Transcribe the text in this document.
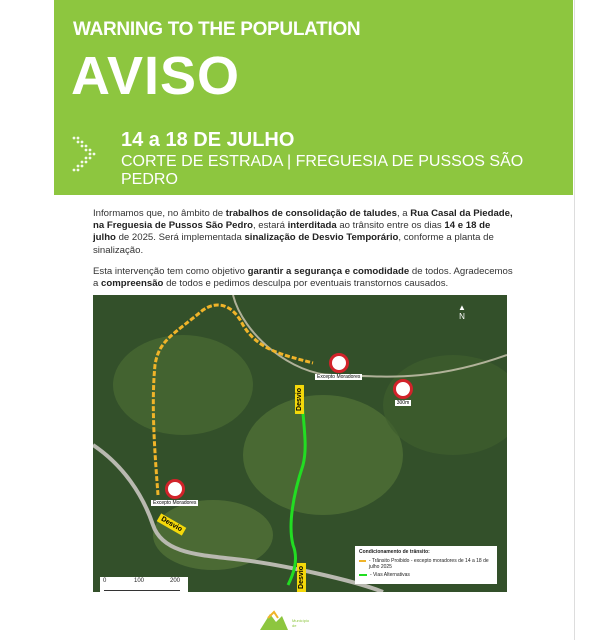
WARNING TO THE POPULATION
AVISO
14 a 18 DE JULHO
CORTE DE ESTRADA | FREGUESIA DE PUSSOS SÃO PEDRO

Informamos que, no âmbito de trabalhos de consolidação de taludes, a Rua Casal da Piedade, na Freguesia de Pussos São Pedro, estará interditada ao trânsito entre os dias 14 e 18 de julho de 2025. Será implementada sinalização de Desvio Temporário, conforme a planta de sinalização.

Esta intervenção tem como objetivo garantir a segurança e comodidade de todos. Agradecemos a compreensão de todos e pedimos desculpa por eventuais transtornos causados.

▲
N
Excepto Moradores
Excepto Moradores
300m
Desvio
Desvio
Desvio
Condicionamento de trânsito:
- Trânsito Proibido - excepto moradores de 14 a 18 de julho 2025
- Vias Alternativas
0	100	200
Município de
